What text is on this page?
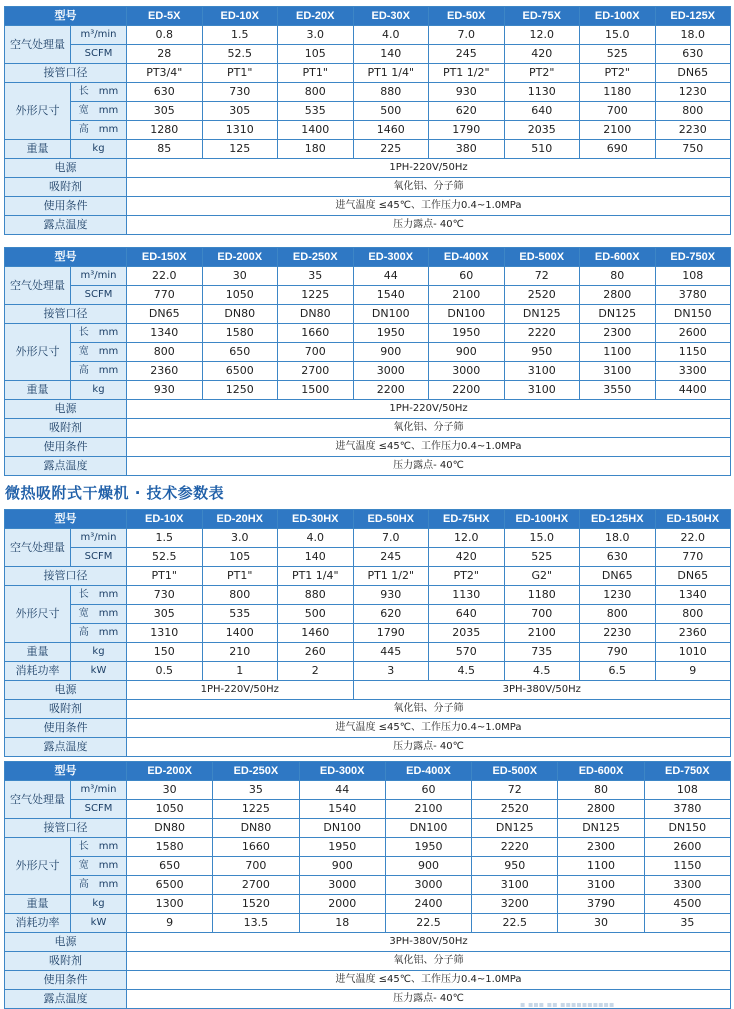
型号		ED-5X	ED-10X	ED-20X	ED-30X	ED-50X	ED-75X	ED-100X	ED-125X
空气处理量	m³/min	0.8	1.5	3.0	4.0	7.0	12.0	15.0	18.0
	SCFM	28	52.5	105	140	245	420	525	630
接管口径		PT3/4"	PT1"	PT1"	PT1 1/4"	PT1 1/2"	PT2"	PT2"	DN65
外形尺寸	长 mm	630	730	800	880	930	1130	1180	1230
	宽 mm	305	305	535	500	620	640	700	800
	高 mm	1280	1310	1400	1460	1790	2035	2100	2230
重量	kg	85	125	180	225	380	510	690	750
电源		1PH-220V/50Hz							
吸附剂		氧化铝、分子筛							
使用条件		进气温度 ≤45℃、工作压力0.4~1.0MPa							
露点温度		压力露点- 40℃							
型号		ED-150X	ED-200X	ED-250X	ED-300X	ED-400X	ED-500X	ED-600X	ED-750X
空气处理量	m³/min	22.0	30	35	44	60	72	80	108
	SCFM	770	1050	1225	1540	2100	2520	2800	3780
接管口径		DN65	DN80	DN80	DN100	DN100	DN125	DN125	DN150
外形尺寸	长 mm	1340	1580	1660	1950	1950	2220	2300	2600
	宽 mm	800	650	700	900	900	950	1100	1150
	高 mm	2360	6500	2700	3000	3000	3100	3100	3300
重量	kg	930	1250	1500	2200	2200	3100	3550	4400
电源		1PH-220V/50Hz							
吸附剂		氧化铝、分子筛							
使用条件		进气温度 ≤45℃、工作压力0.4~1.0MPa							
露点温度		压力露点- 40℃							
微热吸附式干燥机 · 技术参数表
型号		ED-10X	ED-20HX	ED-30HX	ED-50HX	ED-75HX	ED-100HX	ED-125HX	ED-150HX
空气处理量	m³/min	1.5	3.0	4.0	7.0	12.0	15.0	18.0	22.0
	SCFM	52.5	105	140	245	420	525	630	770
接管口径		PT1"	PT1"	PT1 1/4"	PT1 1/2"	PT2"	G2"	DN65	DN65
外形尺寸	长 mm	730	800	880	930	1130	1180	1230	1340
	宽 mm	305	535	500	620	640	700	800	800
	高 mm	1310	1400	1460	1790	2035	2100	2230	2360
重量	kg	150	210	260	445	570	735	790	1010
消耗功率	kW	0.5	1	2	3	4.5	4.5	6.5	9
电源		1PH-220V/50Hz			3PH-380V/50Hz				
吸附剂		氧化铝、分子筛							
使用条件		进气温度 ≤45℃、工作压力0.4~1.0MPa							
露点温度		压力露点- 40℃							
型号		ED-200X	ED-250X	ED-300X	ED-400X	ED-500X	ED-600X	ED-750X
空气处理量	m³/min	30	35	44	60	72	80	108
	SCFM	1050	1225	1540	2100	2520	2800	3780
接管口径		DN80	DN80	DN100	DN100	DN125	DN125	DN150
外形尺寸	长 mm	1580	1660	1950	1950	2220	2300	2600
	宽 mm	650	700	900	900	950	1100	1150
	高 mm	6500	2700	3000	3000	3100	3100	3300
重量	kg	1300	1520	2000	2400	3200	3790	4500
消耗功率	kW	9	13.5	18	22.5	22.5	30	35
电源		3PH-380V/50Hz						
吸附剂		氧化铝、分子筛						
使用条件		进气温度 ≤45℃、工作压力0.4~1.0MPa						
露点温度		压力露点- 40℃						
▪ ▪▪▪ ▪▪ ▪▪▪▪▪▪▪▪▪▪
